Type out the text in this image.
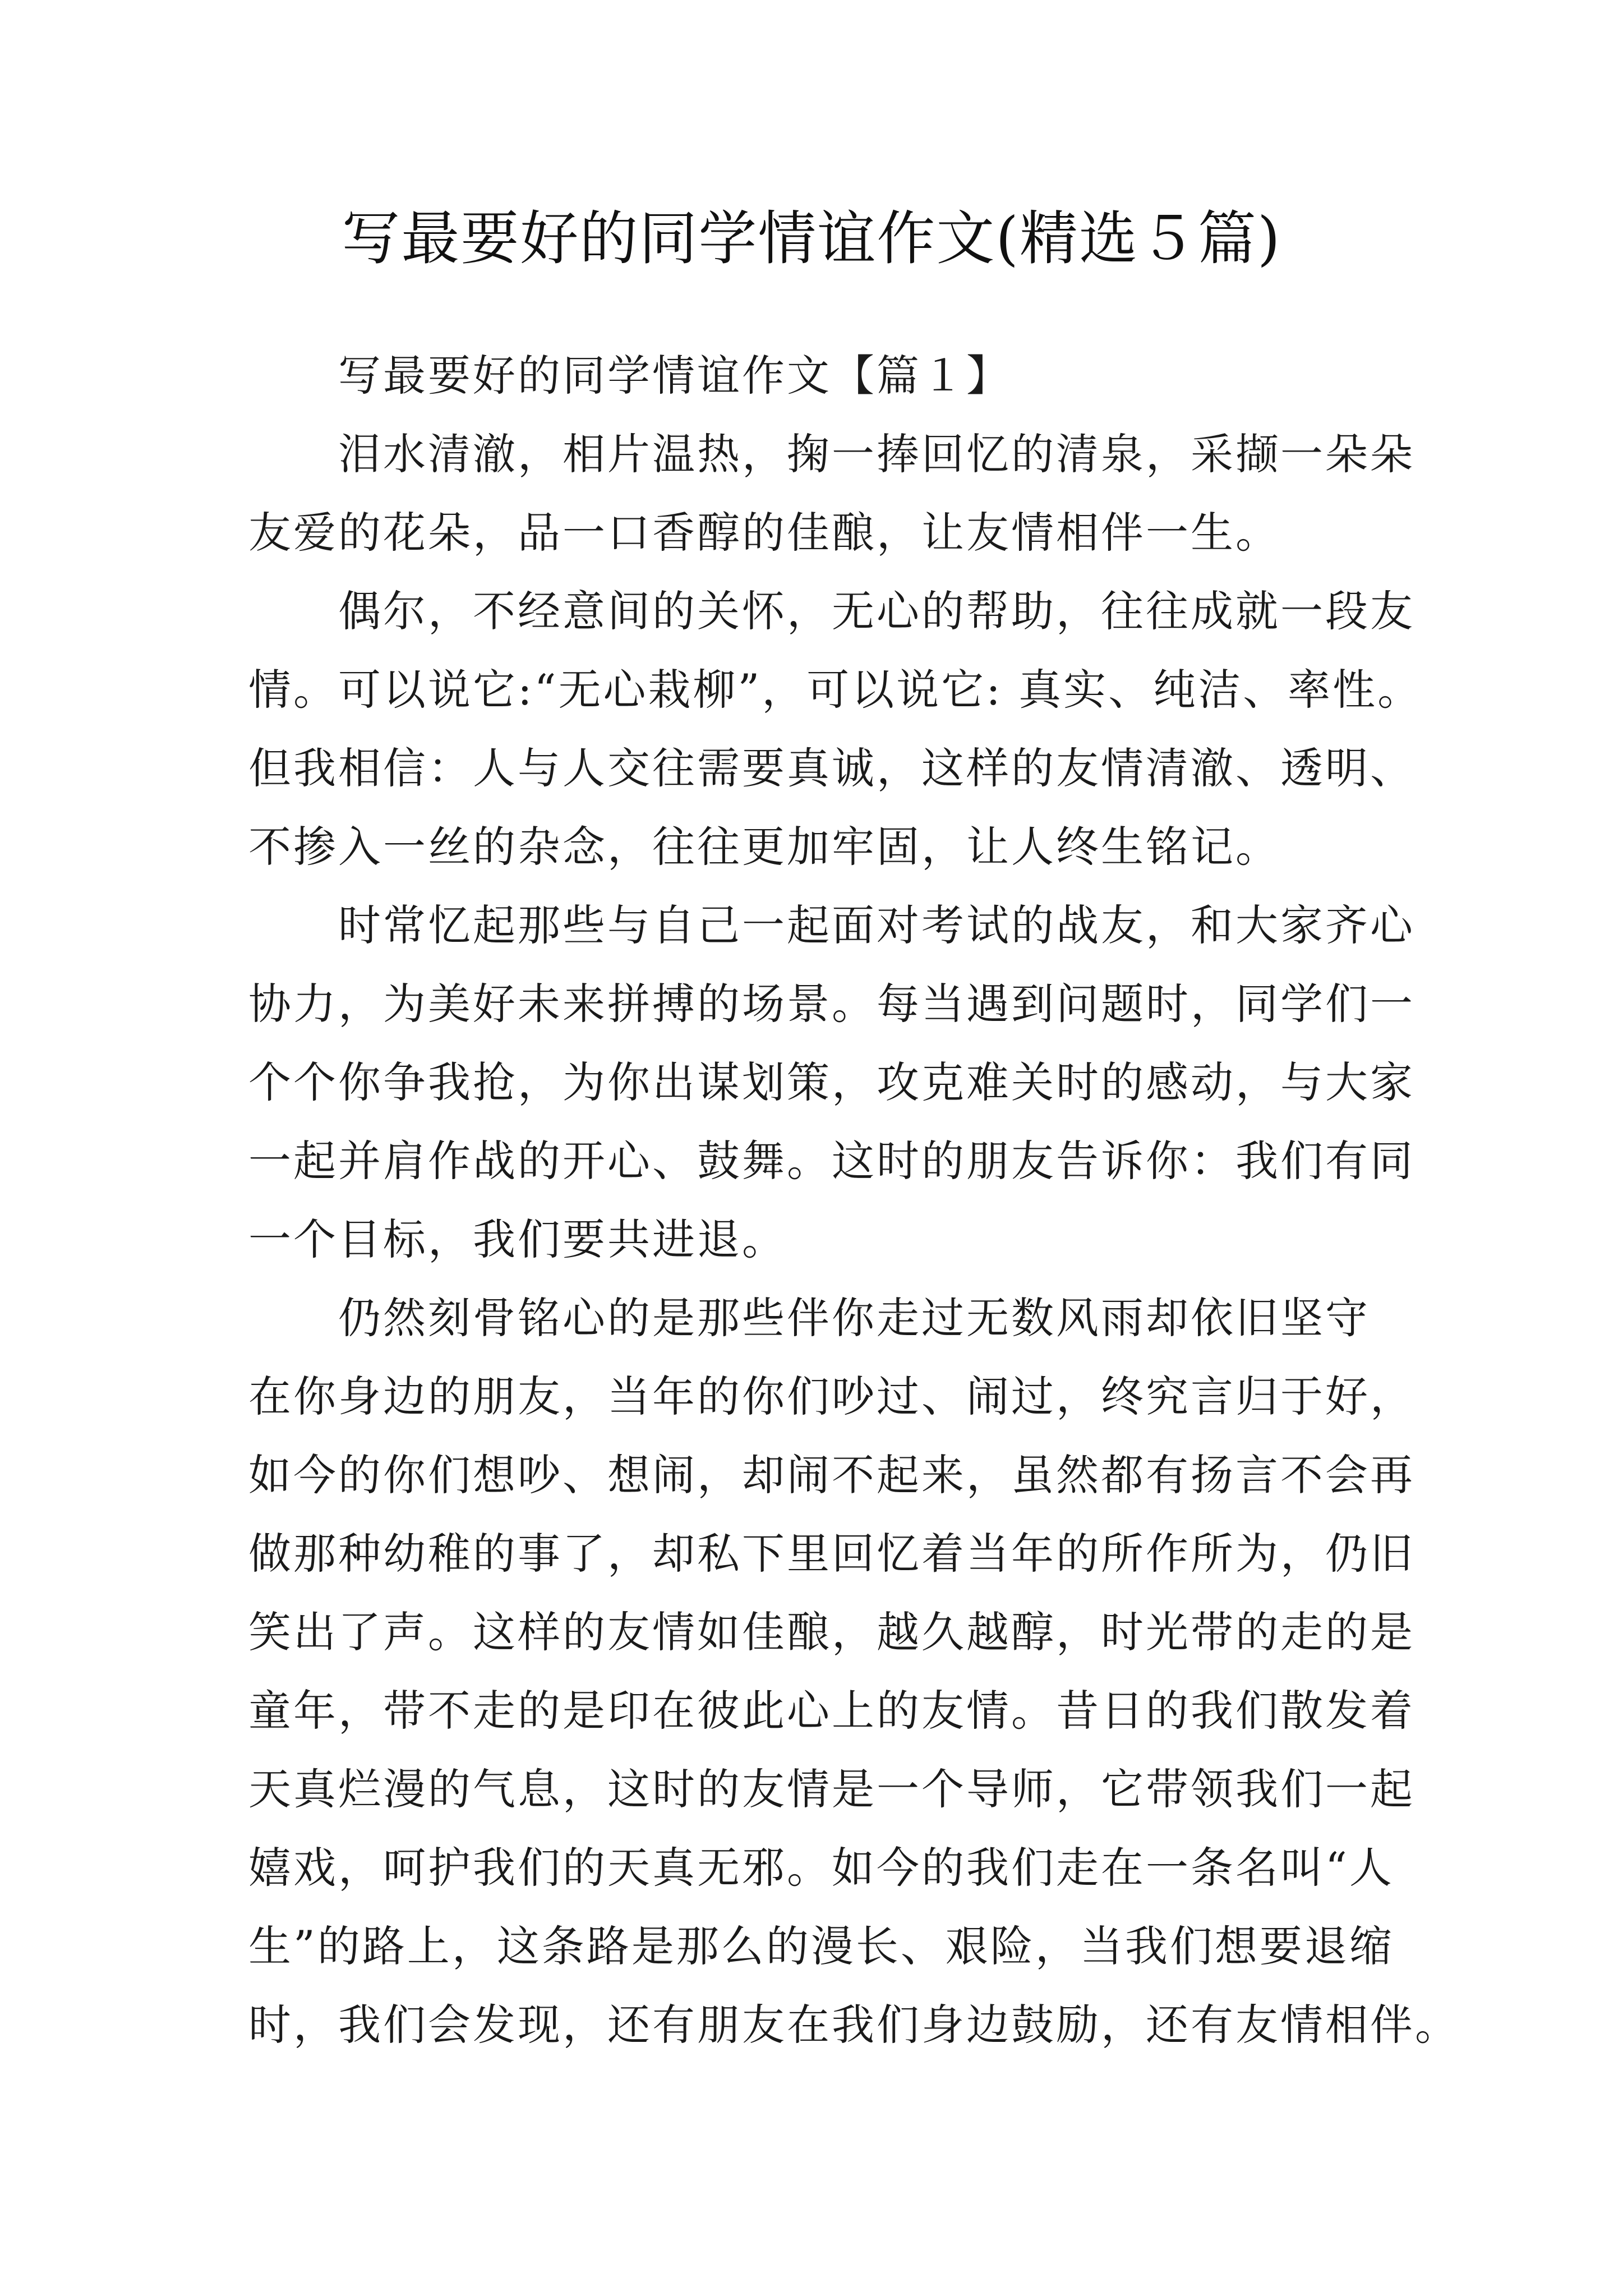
写最要好的同学情谊作文(精选５篇)

写最要好的同学情谊作文【篇１】

泪水清澈，相片温热，掬一捧回忆的清泉，采撷一朵朵
友爱的花朵，品一口香醇的佳酿，让友情相伴一生。

偶尔，不经意间的关怀，无心的帮助，往往成就一段友
情。可以说它:“无心栽柳”，可以说它: 真实、纯洁、率性。
但我相信：人与人交往需要真诚，这样的友情清澈、透明、
不掺入一丝的杂念，往往更加牢固，让人终生铭记。

时常忆起那些与自己一起面对考试的战友，和大家齐心
协力，为美好未来拼搏的场景。每当遇到问题时，同学们一
个个你争我抢，为你出谋划策，攻克难关时的感动，与大家
一起并肩作战的开心、鼓舞。这时的朋友告诉你：我们有同
一个目标，我们要共进退。

仍然刻骨铭心的是那些伴你走过无数风雨却依旧坚守
在你身边的朋友，当年的你们吵过、闹过，终究言归于好，
如今的你们想吵、想闹，却闹不起来，虽然都有扬言不会再
做那种幼稚的事了，却私下里回忆着当年的所作所为，仍旧
笑出了声。这样的友情如佳酿，越久越醇，时光带的走的是
童年，带不走的是印在彼此心上的友情。昔日的我们散发着
天真烂漫的气息，这时的友情是一个导师，它带领我们一起
嬉戏，呵护我们的天真无邪。如今的我们走在一条名叫“人
生”的路上，这条路是那么的漫长、艰险，当我们想要退缩
时，我们会发现，还有朋友在我们身边鼓励，还有友情相伴。
